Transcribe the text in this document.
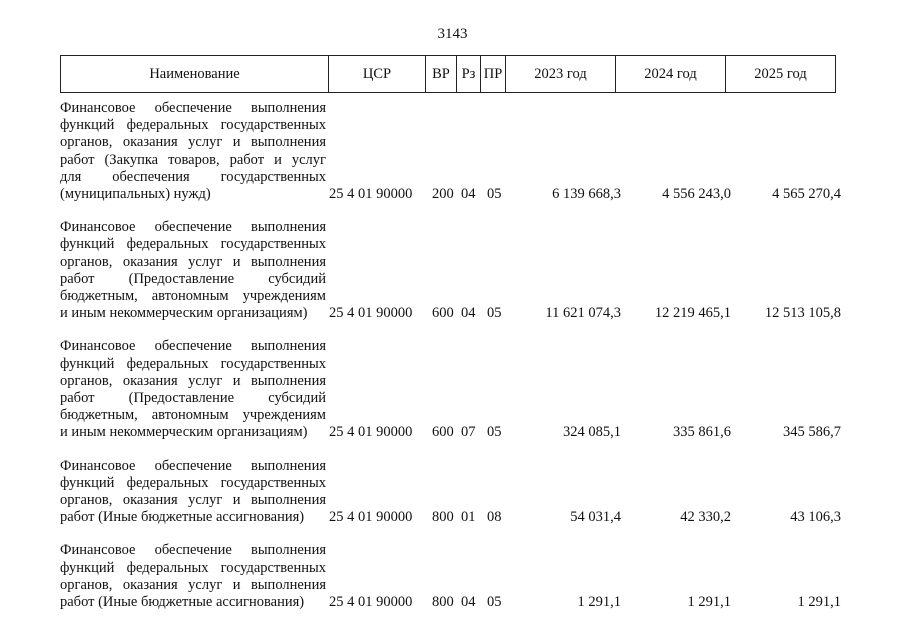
3143
Наименование	ЦСР	ВР	Рз	ПР	2023 год	2024 год	2025 год
Финансовое обеспечение выполнения
функций федеральных государственных
органов, оказания услуг и выполнения
работ (Закупка товаров, работ и услуг
для обеспечения государственных
(муниципальных) нужд)	25 4 01 90000	200 04 05	6 139 668,3	4 556 243,0	4 565 270,4
Финансовое обеспечение выполнения
функций федеральных государственных
органов, оказания услуг и выполнения
работ (Предоставление субсидий
бюджетным, автономным учреждениям
и иным некоммерческим организациям)	25 4 01 90000	600 04 05	11 621 074,3	12 219 465,1	12 513 105,8
Финансовое обеспечение выполнения
функций федеральных государственных
органов, оказания услуг и выполнения
работ (Предоставление субсидий
бюджетным, автономным учреждениям
и иным некоммерческим организациям)	25 4 01 90000	600 07 05	324 085,1	335 861,6	345 586,7
Финансовое обеспечение выполнения
функций федеральных государственных
органов, оказания услуг и выполнения
работ (Иные бюджетные ассигнования)	25 4 01 90000	800 01 08	54 031,4	42 330,2	43 106,3
Финансовое обеспечение выполнения
функций федеральных государственных
органов, оказания услуг и выполнения
работ (Иные бюджетные ассигнования)	25 4 01 90000	800 04 05	1 291,1	1 291,1	1 291,1
